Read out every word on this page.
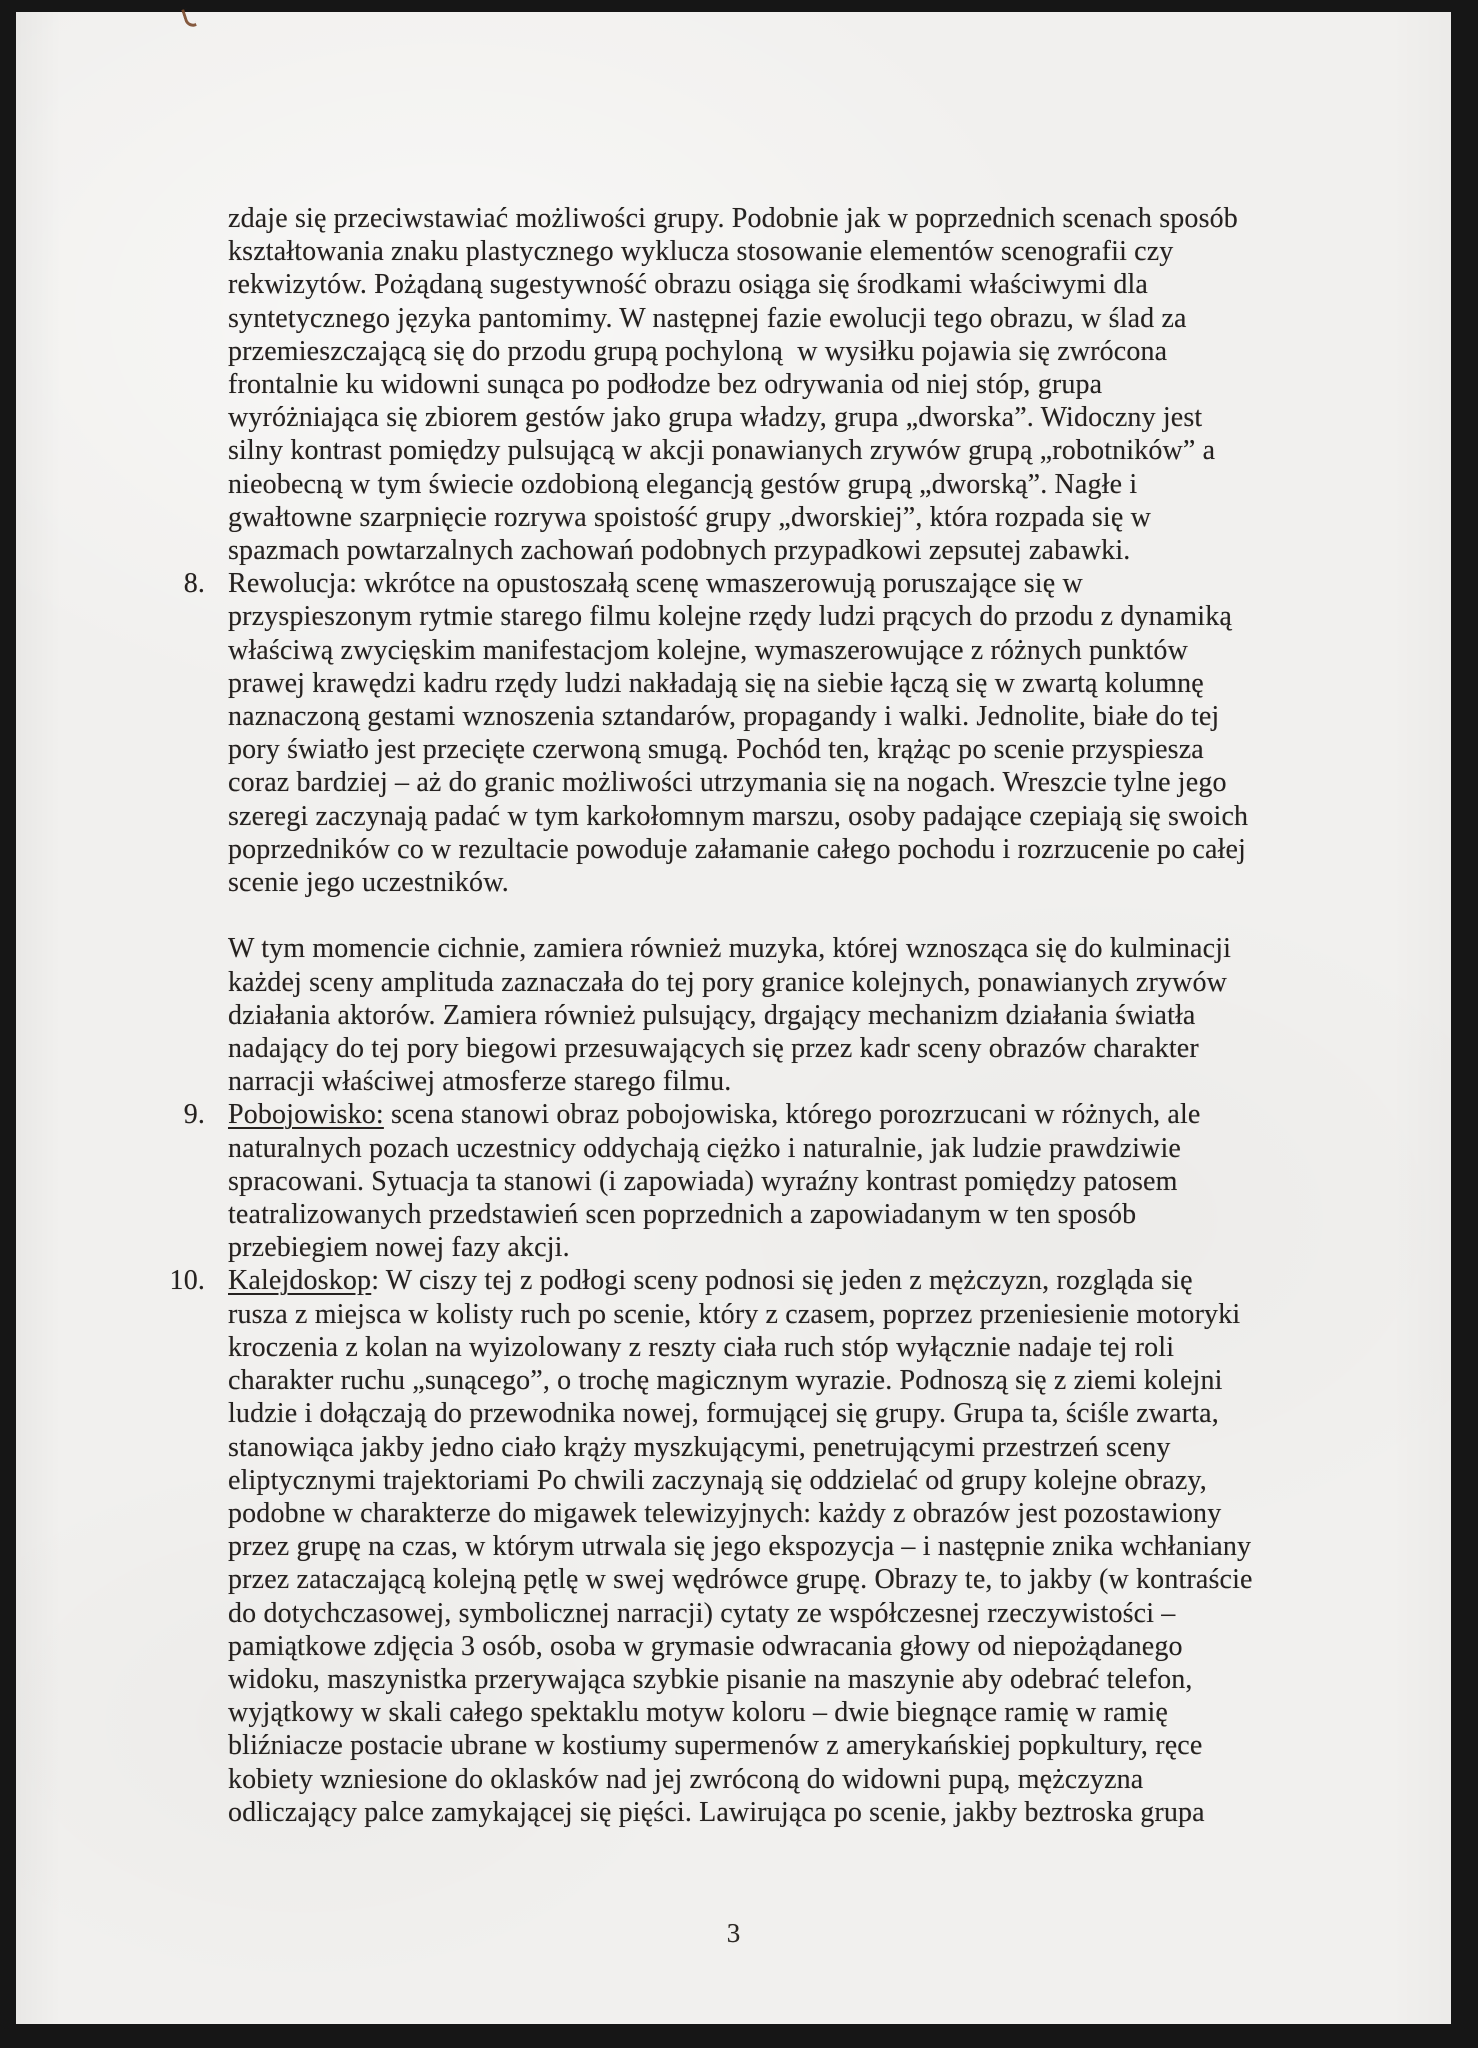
zdaje się przeciwstawiać możliwości grupy. Podobnie jak w poprzednich scenach sposób
kształtowania znaku plastycznego wyklucza stosowanie elementów scenografii czy
rekwizytów. Pożądaną sugestywność obrazu osiąga się środkami właściwymi dla
syntetycznego języka pantomimy. W następnej fazie ewolucji tego obrazu, w ślad za
przemieszczającą się do przodu grupą pochyloną  w wysiłku pojawia się zwrócona
frontalnie ku widowni sunąca po podłodze bez odrywania od niej stóp, grupa
wyróżniająca się zbiorem gestów jako grupa władzy, grupa „dworska”. Widoczny jest
silny kontrast pomiędzy pulsującą w akcji ponawianych zrywów grupą „robotników” a
nieobecną w tym świecie ozdobioną elegancją gestów grupą „dworską”. Nagłe i
gwałtowne szarpnięcie rozrywa spoistość grupy „dworskiej”, która rozpada się w
spazmach powtarzalnych zachowań podobnych przypadkowi zepsutej zabawki.
8. Rewolucja: wkrótce na opustoszałą scenę wmaszerowują poruszające się w
przyspieszonym rytmie starego filmu kolejne rzędy ludzi prących do przodu z dynamiką
właściwą zwycięskim manifestacjom kolejne, wymaszerowujące z różnych punktów
prawej krawędzi kadru rzędy ludzi nakładają się na siebie łączą się w zwartą kolumnę
naznaczoną gestami wznoszenia sztandarów, propagandy i walki. Jednolite, białe do tej
pory światło jest przecięte czerwoną smugą. Pochód ten, krążąc po scenie przyspiesza
coraz bardziej – aż do granic możliwości utrzymania się na nogach. Wreszcie tylne jego
szeregi zaczynają padać w tym karkołomnym marszu, osoby padające czepiają się swoich
poprzedników co w rezultacie powoduje załamanie całego pochodu i rozrzucenie po całej
scenie jego uczestników.
W tym momencie cichnie, zamiera również muzyka, której wznosząca się do kulminacji
każdej sceny amplituda zaznaczała do tej pory granice kolejnych, ponawianych zrywów
działania aktorów. Zamiera również pulsujący, drgający mechanizm działania światła
nadający do tej pory biegowi przesuwających się przez kadr sceny obrazów charakter
narracji właściwej atmosferze starego filmu.
9. Pobojowisko: scena stanowi obraz pobojowiska, którego porozrzucani w różnych, ale
naturalnych pozach uczestnicy oddychają ciężko i naturalnie, jak ludzie prawdziwie
spracowani. Sytuacja ta stanowi (i zapowiada) wyraźny kontrast pomiędzy patosem
teatralizowanych przedstawień scen poprzednich a zapowiadanym w ten sposób
przebiegiem nowej fazy akcji.
10. Kalejdoskop: W ciszy tej z podłogi sceny podnosi się jeden z mężczyzn, rozgląda się
rusza z miejsca w kolisty ruch po scenie, który z czasem, poprzez przeniesienie motoryki
kroczenia z kolan na wyizolowany z reszty ciała ruch stóp wyłącznie nadaje tej roli
charakter ruchu „sunącego”, o trochę magicznym wyrazie. Podnoszą się z ziemi kolejni
ludzie i dołączają do przewodnika nowej, formującej się grupy. Grupa ta, ściśle zwarta,
stanowiąca jakby jedno ciało krąży myszkującymi, penetrującymi przestrzeń sceny
eliptycznymi trajektoriami Po chwili zaczynają się oddzielać od grupy kolejne obrazy,
podobne w charakterze do migawek telewizyjnych: każdy z obrazów jest pozostawiony
przez grupę na czas, w którym utrwala się jego ekspozycja – i następnie znika wchłaniany
przez zataczającą kolejną pętlę w swej wędrówce grupę. Obrazy te, to jakby (w kontraście
do dotychczasowej, symbolicznej narracji) cytaty ze współczesnej rzeczywistości –
pamiątkowe zdjęcia 3 osób, osoba w grymasie odwracania głowy od niepożądanego
widoku, maszynistka przerywająca szybkie pisanie na maszynie aby odebrać telefon,
wyjątkowy w skali całego spektaklu motyw koloru – dwie biegnące ramię w ramię
bliźniacze postacie ubrane w kostiumy supermenów z amerykańskiej popkultury, ręce
kobiety wzniesione do oklasków nad jej zwróconą do widowni pupą, mężczyzna
odliczający palce zamykającej się pięści. Lawirująca po scenie, jakby beztroska grupa
3
